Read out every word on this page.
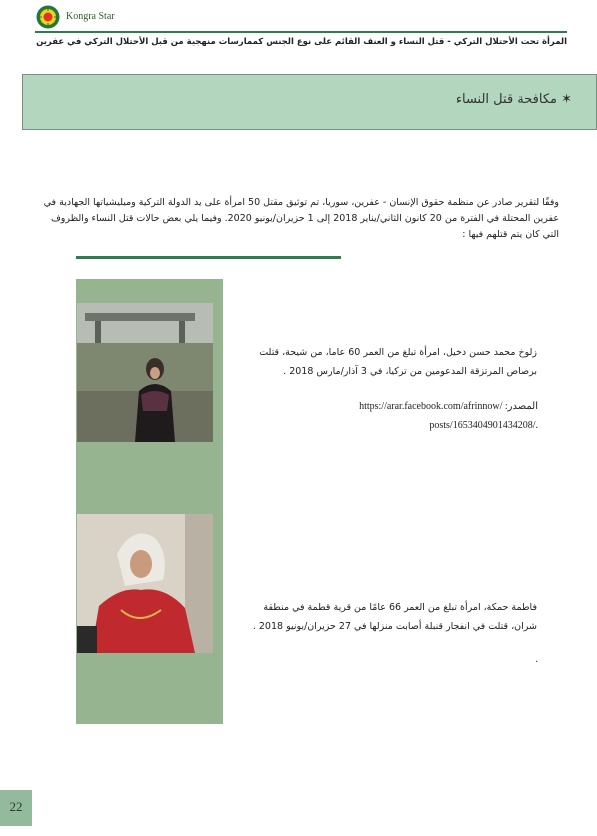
Kongra Star
المرأة تحت الأحتلال التركي - قتل النساء و العنف القائم على نوع الجنس كممارسات منهجية من قبل الأحتلال التركي في عفرين
✶ مكافحة قتل النساء
وفقًا لتقرير صادر عن منظمة حقوق الإنسان - عفرين، سوريا، تم توثيق مقتل 50 امرأة على يد الدولة التركية وميليشياتها الجهادية في عفرين المحتلة في الفترة من 20 كانون الثاني/يناير 2018 إلى 1 حزيران/يونيو 2020. وفيما يلي بعض حالات قتل النساء والظروف التي كان يتم قتلهم فيها :
زلوخ محمد حسن دخيل، امرأة تبلغ من العمر 60 عاما، من شيحة، قتلت برصاص المرتزقة المدعومين من تركيا، في 3 آذار/مارس 2018 .
المصدر: https://arar.facebook.com/afrinnow/
posts/1653404901434208/.
فاطمة حمكة، امرأة تبلغ من العمر 66 عامًا من قرية قطمة في منطقة شران، قتلت في انفجار قنبلة أصابت منزلها في 27 حزيران/يونيو 2018 .
.
22
